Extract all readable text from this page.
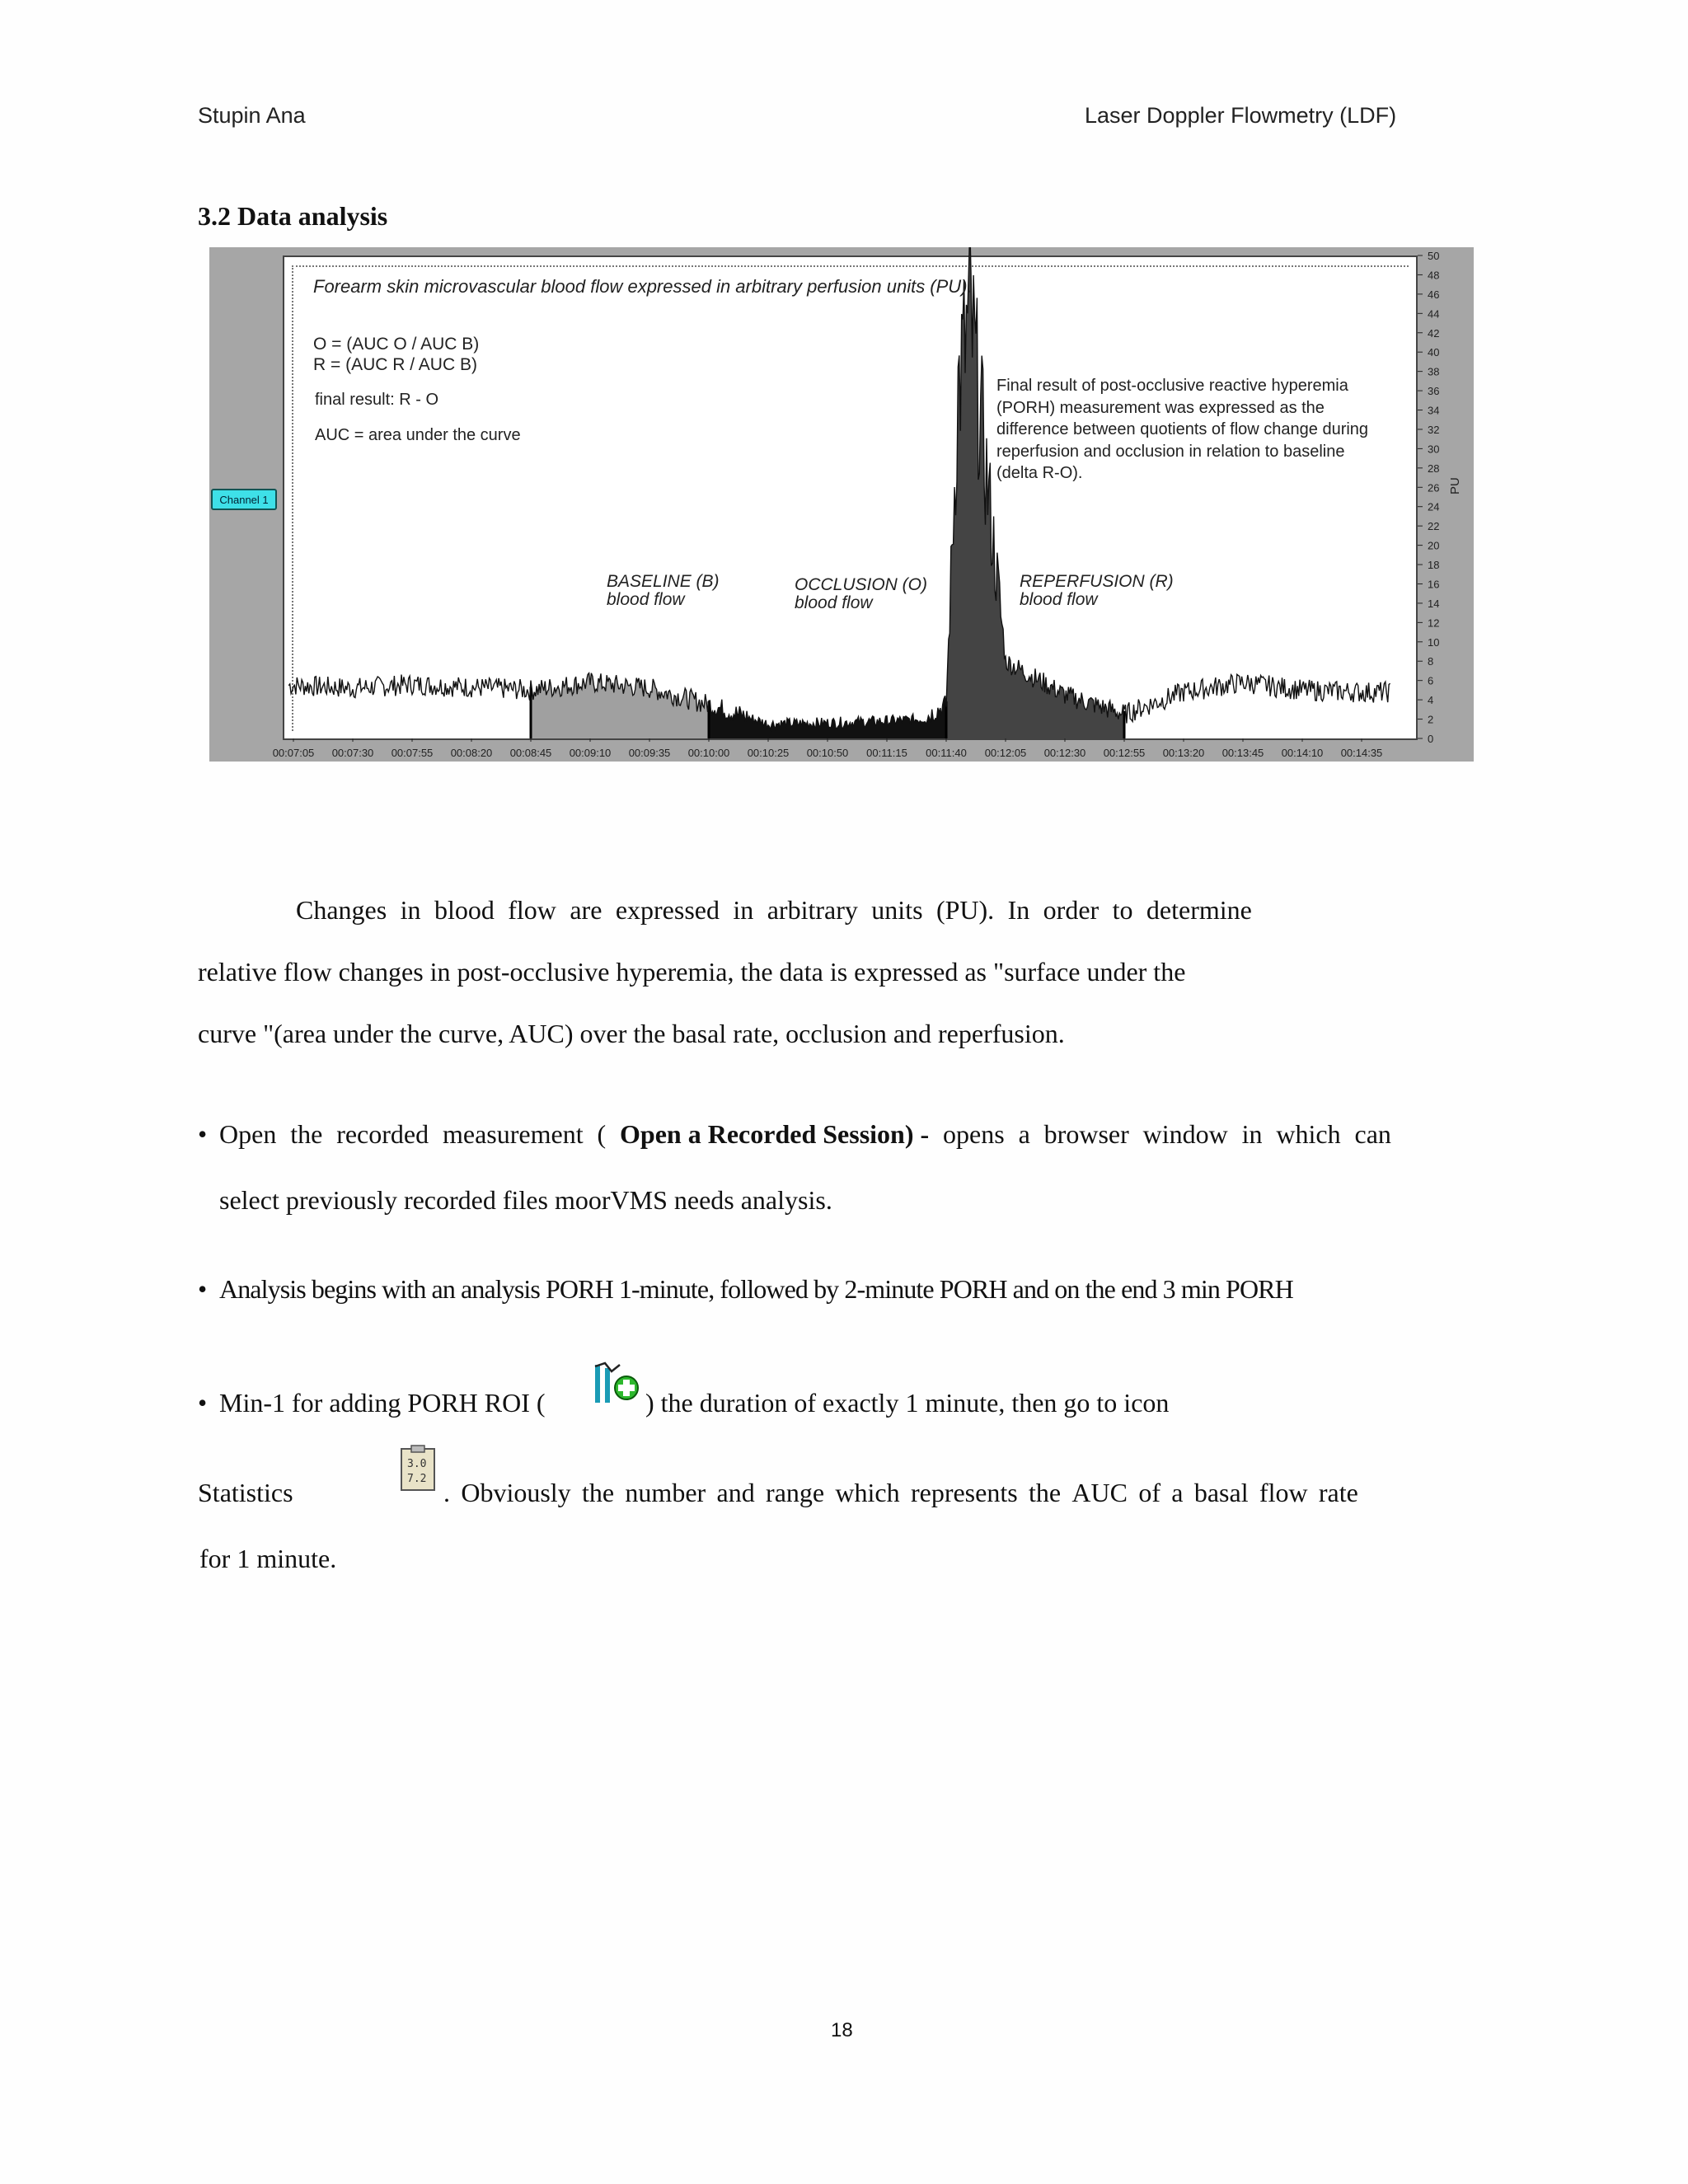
Stupin Ana	Laser Doppler Flowmetry (LDF)
3.2 Data analysis
Channel 1
0
2
4
6
8
10
12
14
16
18
20
22
24
26
28
30
32
34
36
38
40
42
44
46
48
50
PU
00:07:05 00:07:30 00:07:55 00:08:20 00:08:45 00:09:10 00:09:35 00:10:00 00:10:25 00:10:50 00:11:15 00:11:40 00:12:05 00:12:30 00:12:55 00:13:20 00:13:45 00:14:10 00:14:35
Forearm skin microvascular blood flow expressed in arbitrary perfusion units (PU).
O = (AUC O / AUC B)
R = (AUC R / AUC B)
final result: R - O
AUC = area under the curve
Final result of post-occlusive reactive hyperemia
(PORH) measurement was expressed as the
difference between quotients of flow change during
reperfusion and occlusion in relation to baseline
(delta R-O).
BASELINE (B)
blood flow
OCCLUSION (O)
blood flow
REPERFUSION (R)
blood flow
Changes in blood flow are expressed in arbitrary units (PU). In order to determine
relative flow changes in post-occlusive hyperemia, the data is expressed as "surface under the
curve "(area under the curve, AUC) over the basal rate, occlusion and reperfusion.
• Open the recorded measurement ( Open a Recorded Session) - opens a browser window in which can
select previously recorded files moorVMS needs analysis.
• Analysis begins with an analysis PORH 1-minute, followed by 2-minute PORH and on the end 3 min PORH
• Min-1 for adding PORH ROI (	) the duration of exactly 1 minute, then go to icon
Statistics
3.0
7.2 . Obviously the number and range which represents the AUC of a basal flow rate
for 1 minute.
18
